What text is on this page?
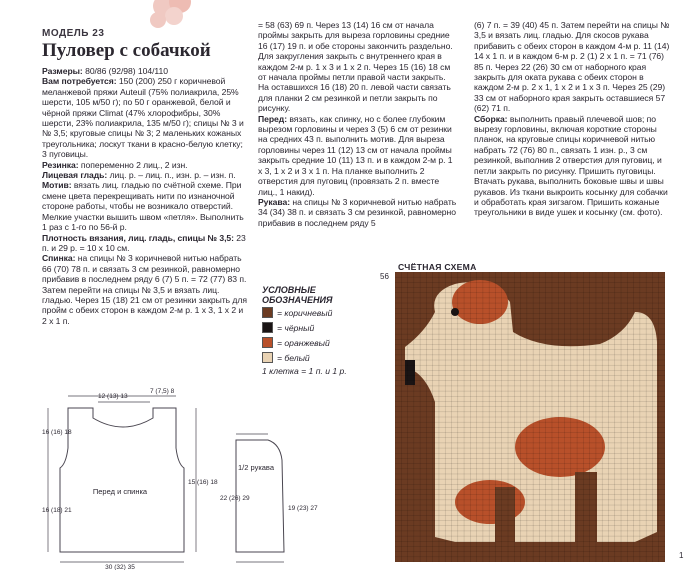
МОДЕЛЬ 23
Пуловер с собачкой

Размеры: 80/86 (92/98) 104/110

Вам потребуется: 150 (200) 250 г коричневой меланжевой пряжи Auteuil (75% полиакрила, 25% шерсти, 105 м/50 г); по 50 г оранжевой, белой и чёрной пряжи Climat (47% хлорофибры, 30% шерсти, 23% полиакрила, 135 м/50 г); спицы № 3 и № 3,5; круговые спицы № 3; 2 маленьких кожаных треугольника; лоскут ткани в красно-белую клетку; 3 пуговицы.

Резинка: попеременно 2 лиц., 2 изн.

Лицевая гладь: лиц. р. – лиц. п., изн. р. – изн. п.

Мотив: вязать лиц. гладью по счётной схеме. При смене цвета перекрещивать нити по изнаночной стороне работы, чтобы не возникало отверстий. Мелкие участки вышить швом «петля». Выполнить 1 раз с 1-го по 56-й р.

Плотность вязания, лиц. гладь, спицы № 3,5: 23 п. и 29 р. = 10 x 10 см.

Спинка: на спицы № 3 коричневой нитью набрать 66 (70) 78 п. и связать 3 см резинкой, равномерно прибавив в последнем ряду 6 (7) 5 п. = 72 (77) 83 п. Затем перейти на спицы № 3,5 и вязать лиц. гладью. Через 15 (18) 21 см от резинки закрыть для пройм с обеих сторон в каждом 2-м р. 1 x 3, 1 x 2 и 2 x 1 п.

= 58 (63) 69 п. Через 13 (14) 16 см от начала проймы закрыть для выреза горловины средние 16 (17) 19 п. и обе стороны закончить раздельно. Для закругления закрыть с внутреннего края в каждом 2-м р. 1 x 3 и 1 x 2 п. Через 15 (16) 18 см от начала проймы петли правой части закрыть. На оставшихся 16 (18) 20 п. левой части связать для планки 2 см резинкой и петли закрыть по рисунку.

Перед: вязать, как спинку, но с более глубоким вырезом горловины и через 3 (5) 6 см от резинки на средних 43 п. выполнить мотив. Для выреза горловины через 11 (12) 13 см от начала проймы закрыть средние 10 (11) 13 п. и в каждом 2-м р. 1 x 3, 1 x 2 и 3 x 1 п. На планке выполнить 2 отверстия для пуговиц (провязать 2 п. вместе лиц., 1 накид).

Рукава: на спицы № 3 коричневой нитью набрать 34 (34) 38 п. и связать 3 см резинкой, равномерно прибавив в последнем ряду 5

(6) 7 п. = 39 (40) 45 п. Затем перейти на спицы № 3,5 и вязать лиц. гладью. Для скосов рукава прибавить с обеих сторон в каждом 4-м р. 11 (14) 14 x 1 п. и в каждом 6-м р. 2 (1) 2 x 1 п. = 71 (76) 85 п. Через 22 (26) 30 см от наборного края закрыть для оката рукава с обеих сторон в каждом 2-м р. 2 x 1, 1 x 2 и 1 x 3 п. Через 25 (29) 33 см от наборного края закрыть оставшиеся 57 (62) 71 п.

Сборка: выполнить правый плечевой шов; по вырезу горловины, включая короткие стороны планок, на круговые спицы коричневой нитью набрать 72 (76) 80 п., связать 1 изн. р., 3 см резинкой, выполнив 2 отверстия для пуговиц, и петли закрыть по рисунку. Пришить пуговицы. Втачать рукава, выполнить боковые швы и швы рукавов. Из ткани выкроить косынку для собачки и обработать края зигзагом. Пришить кожаные треугольники в виде ушек и косынку (см. фото).

УСЛОВНЫЕ
ОБОЗНАЧЕНИЯ
= коричневый
= чёрный
= оранжевый
= белый
1 клетка = 1 п. и 1 р.
СЧЁТНАЯ СХЕМА
56
1
Перед и спинка
12 (13) 13
7 (7,5) 8
30 (32) 35
16 (16) 18
16 (18) 21
15 (16) 18
1/2 рукава
19 (23) 27
22 (26) 29
